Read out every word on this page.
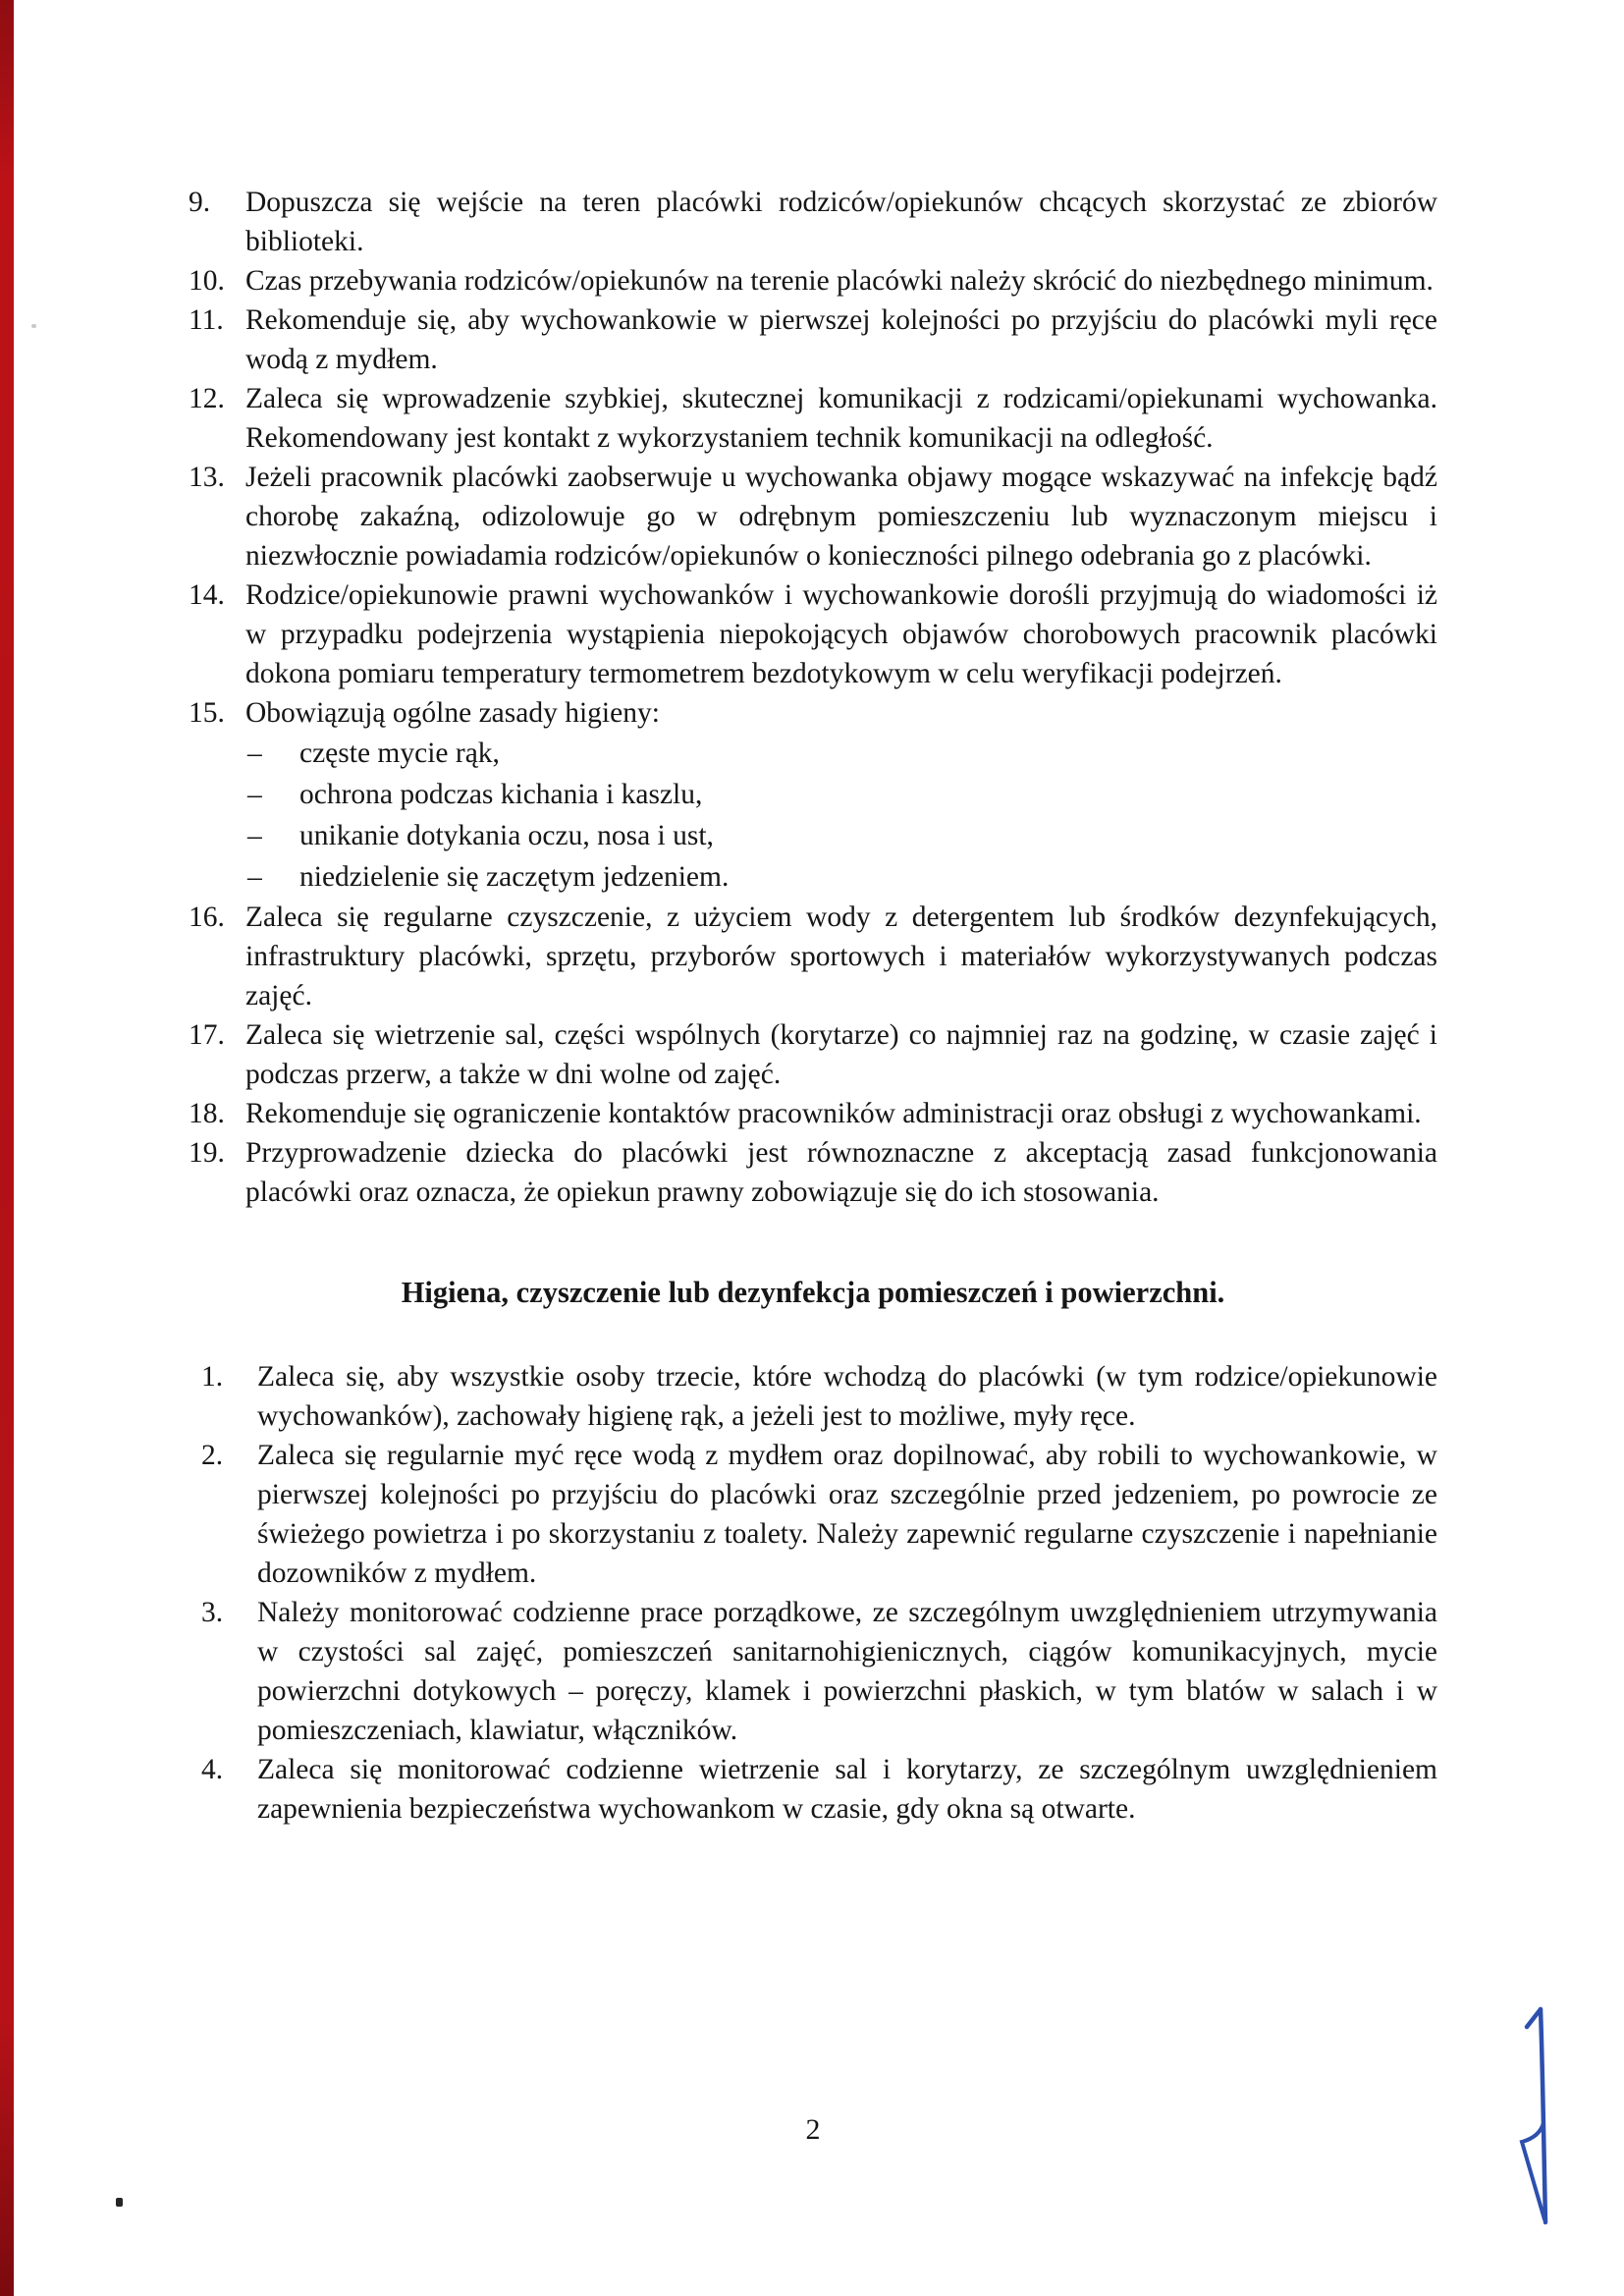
9. Dopuszcza się wejście na teren placówki rodziców/opiekunów chcących skorzystać ze zbiorów biblioteki.
10. Czas przebywania rodziców/opiekunów na terenie placówki należy skrócić do niezbędnego minimum.
11. Rekomenduje się, aby wychowankowie w pierwszej kolejności po przyjściu do placówki myli ręce wodą z mydłem.
12. Zaleca się wprowadzenie szybkiej, skutecznej komunikacji z rodzicami/opiekunami wychowanka. Rekomendowany jest kontakt z wykorzystaniem technik komunikacji na odległość.
13. Jeżeli pracownik placówki zaobserwuje u wychowanka objawy mogące wskazywać na infekcję bądź chorobę zakaźną, odizolowuje go w odrębnym pomieszczeniu lub wyznaczonym miejscu i niezwłocznie powiadamia rodziców/opiekunów o konieczności pilnego odebrania go z placówki.
14. Rodzice/opiekunowie prawni wychowanków i wychowankowie dorośli przyjmują do wiadomości iż w przypadku podejrzenia wystąpienia niepokojących objawów chorobowych pracownik placówki dokona pomiaru temperatury termometrem bezdotykowym w celu weryfikacji podejrzeń.
15. Obowiązują ogólne zasady higieny:
– częste mycie rąk,
– ochrona podczas kichania i kaszlu,
– unikanie dotykania oczu, nosa i ust,
– niedzielenie się zaczętym jedzeniem.
16. Zaleca się regularne czyszczenie, z użyciem wody z detergentem lub środków dezynfekujących, infrastruktury placówki, sprzętu, przyborów sportowych i materiałów wykorzystywanych podczas zajęć.
17. Zaleca się wietrzenie sal, części wspólnych (korytarze) co najmniej raz na godzinę, w czasie zajęć i podczas przerw, a także w dni wolne od zajęć.
18. Rekomenduje się ograniczenie kontaktów pracowników administracji oraz obsługi z wychowankami.
19. Przyprowadzenie dziecka do placówki jest równoznaczne z akceptacją zasad funkcjonowania placówki oraz oznacza, że opiekun prawny zobowiązuje się do ich stosowania.
Higiena, czyszczenie lub dezynfekcja pomieszczeń i powierzchni.
1. Zaleca się, aby wszystkie osoby trzecie, które wchodzą do placówki (w tym rodzice/opiekunowie wychowanków), zachowały higienę rąk, a jeżeli jest to możliwe, myły ręce.
2. Zaleca się regularnie myć ręce wodą z mydłem oraz dopilnować, aby robili to wychowankowie, w pierwszej kolejności po przyjściu do placówki oraz szczególnie przed jedzeniem, po powrocie ze świeżego powietrza i po skorzystaniu z toalety. Należy zapewnić regularne czyszczenie i napełnianie dozowników z mydłem.
3. Należy monitorować codzienne prace porządkowe, ze szczególnym uwzględnieniem utrzymywania w czystości sal zajęć, pomieszczeń sanitarnohigienicznych, ciągów komunikacyjnych, mycie powierzchni dotykowych – poręczy, klamek i powierzchni płaskich, w tym blatów w salach i w pomieszczeniach, klawiatur, włączników.
4. Zaleca się monitorować codzienne wietrzenie sal i korytarzy, ze szczególnym uwzględnieniem zapewnienia bezpieczeństwa wychowankom w czasie, gdy okna są otwarte.
2
